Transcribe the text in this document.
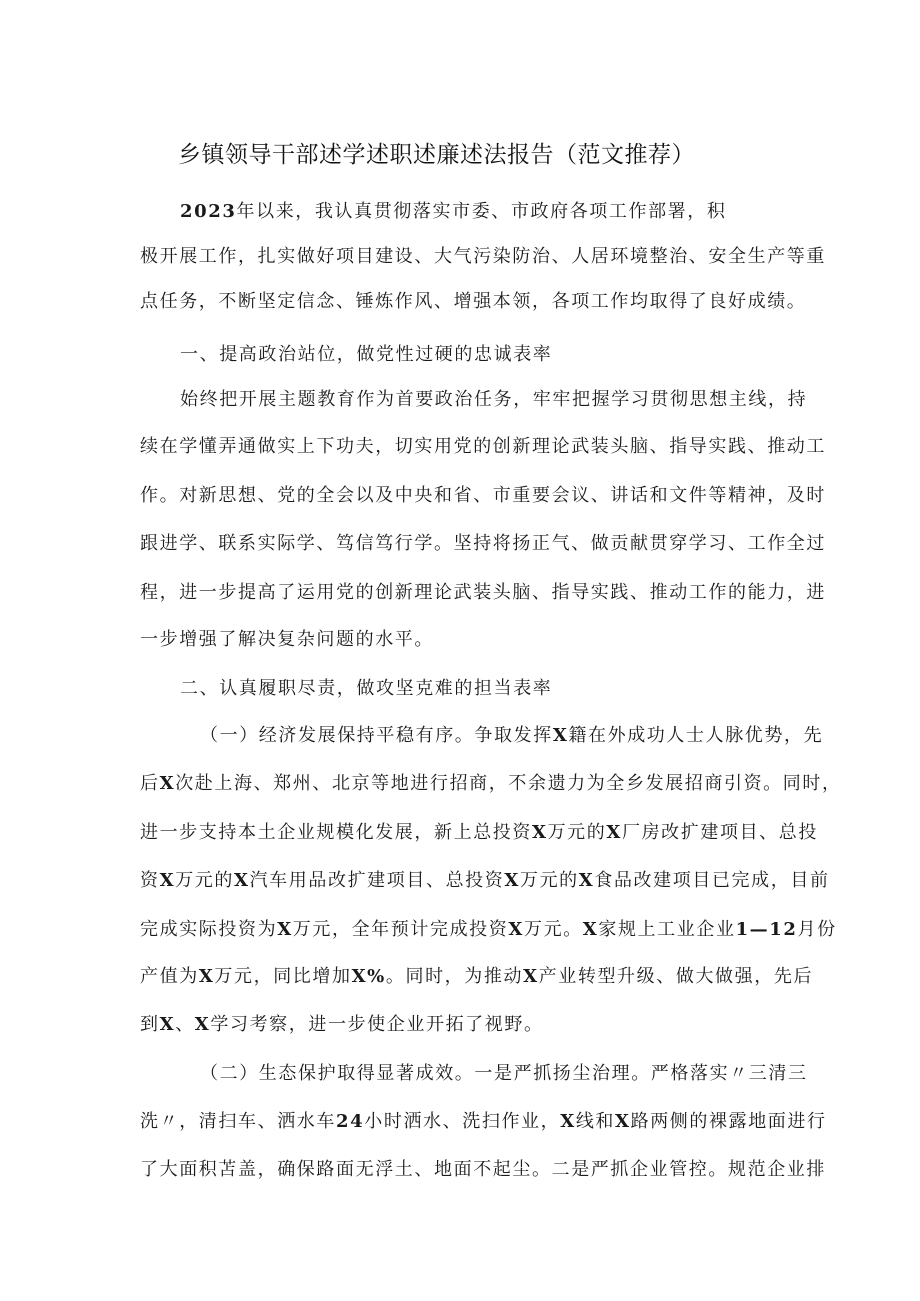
乡镇领导干部述学述职述廉述法报告（范文推荐）
2023年以来，我认真贯彻落实市委、市政府各项工作部署，积
极开展工作，扎实做好项目建设、大气污染防治、人居环境整治、安全生产等重
点任务，不断坚定信念、锤炼作风、增强本领，各项工作均取得了良好成绩。
一、提高政治站位，做党性过硬的忠诚表率
始终把开展主题教育作为首要政治任务，牢牢把握学习贯彻思想主线，持
续在学懂弄通做实上下功夫，切实用党的创新理论武装头脑、指导实践、推动工
作。对新思想、党的全会以及中央和省、市重要会议、讲话和文件等精神，及时
跟进学、联系实际学、笃信笃行学。坚持将扬正气、做贡献贯穿学习、工作全过
程，进一步提高了运用党的创新理论武装头脑、指导实践、推动工作的能力，进
一步增强了解决复杂问题的水平。
二、认真履职尽责，做攻坚克难的担当表率
（一）经济发展保持平稳有序。争取发挥X籍在外成功人士人脉优势，先
后X次赴上海、郑州、北京等地进行招商，不余遗力为全乡发展招商引资。同时，
进一步支持本土企业规模化发展，新上总投资X万元的X厂房改扩建项目、总投
资X万元的X汽车用品改扩建项目、总投资X万元的X食品改建项目已完成，目前
完成实际投资为X万元，全年预计完成投资X万元。X家规上工业企业1—12月份
产值为X万元，同比增加X%。同时，为推动X产业转型升级、做大做强，先后
到X、X学习考察，进一步使企业开拓了视野。
（二）生态保护取得显著成效。一是严抓扬尘治理。严格落实〃三清三
洗〃，清扫车、洒水车24小时洒水、洗扫作业，X线和X路两侧的裸露地面进行
了大面积苫盖，确保路面无浮土、地面不起尘。二是严抓企业管控。规范企业排
